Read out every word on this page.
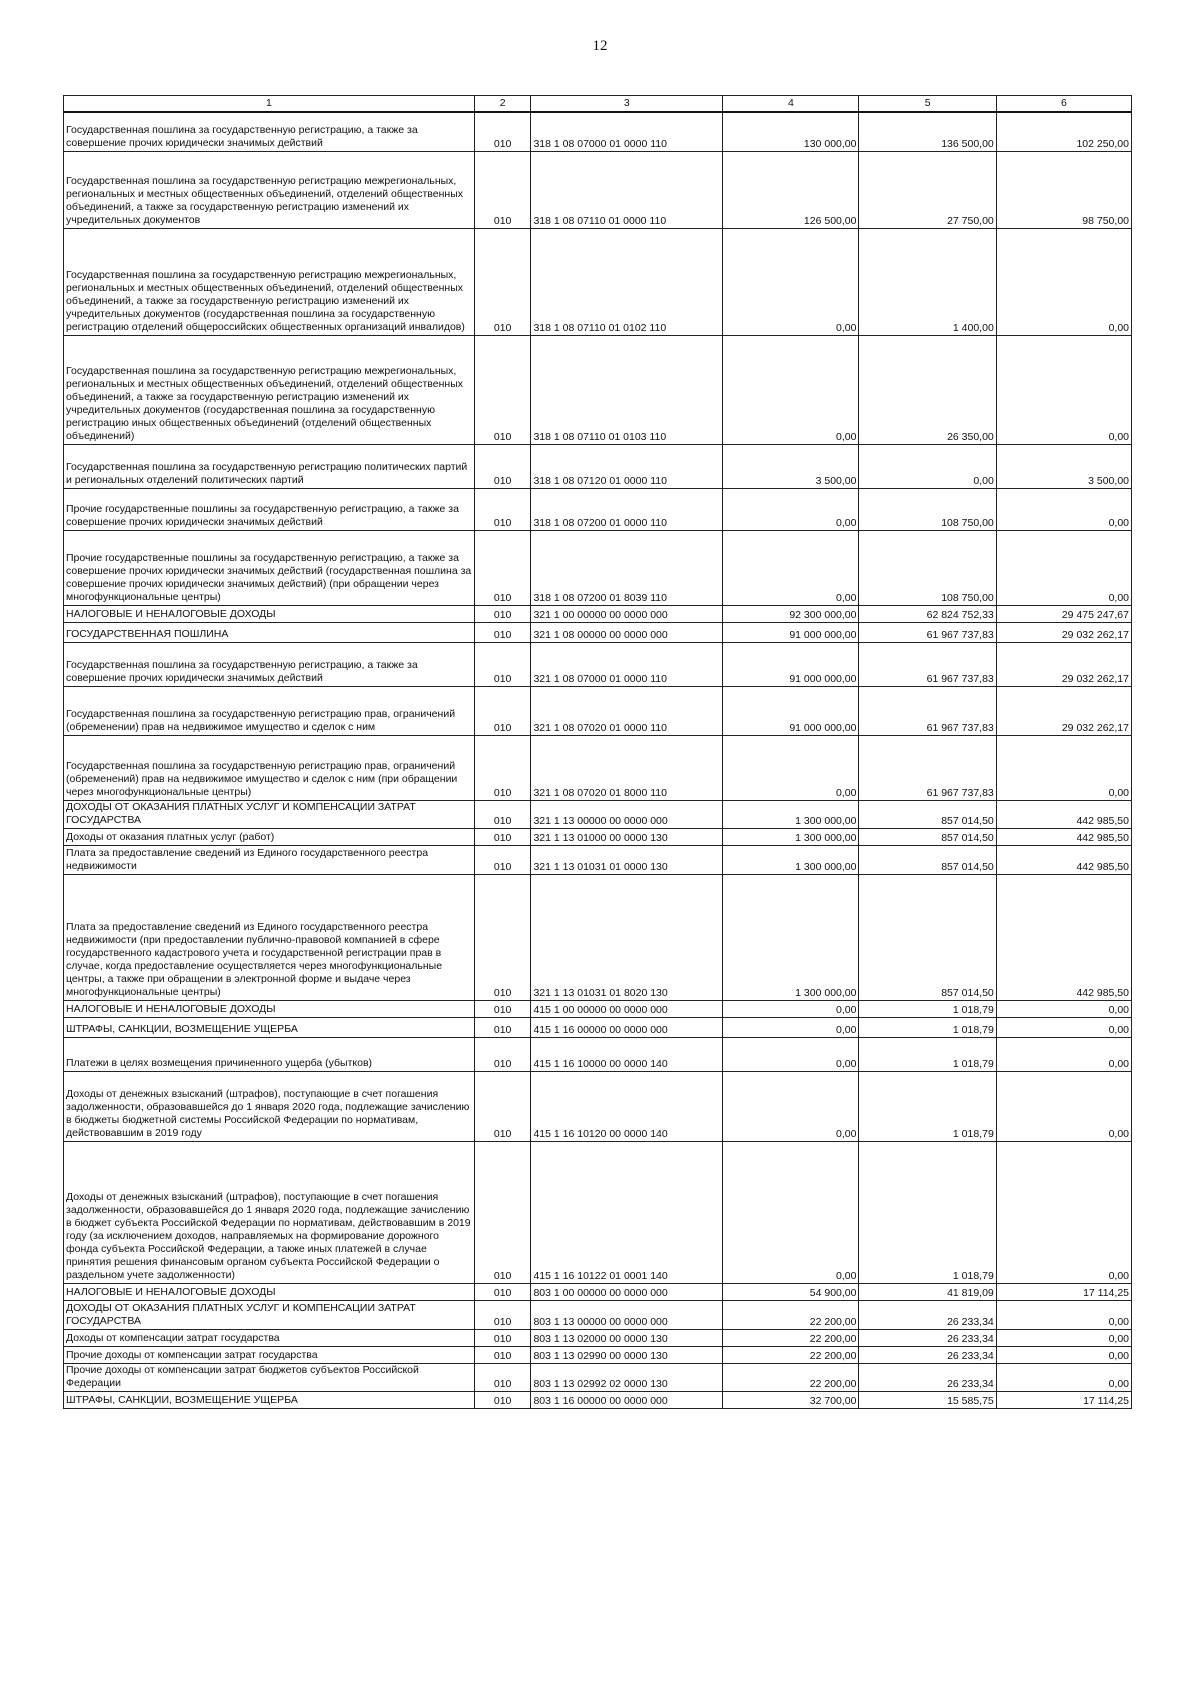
12
1	2	3	4	5	6
Государственная пошлина за государственную регистрацию, а также за совершение прочих юридически значимых действий	010	318 1 08 07000 01 0000 110	130 000,00	136 500,00	102 250,00
Государственная пошлина за государственную регистрацию межрегиональных, региональных и местных общественных объединений, отделений общественных объединений, а также за государственную регистрацию изменений их учредительных документов	010	318 1 08 07110 01 0000 110	126 500,00	27 750,00	98 750,00
Государственная пошлина за государственную регистрацию межрегиональных, региональных и местных общественных объединений, отделений общественных объединений, а также за государственную регистрацию изменений их учредительных документов (государственная пошлина за государственную регистрацию отделений общероссийских общественных организаций инвалидов)	010	318 1 08 07110 01 0102 110	0,00	1 400,00	0,00
Государственная пошлина за государственную регистрацию межрегиональных, региональных и местных общественных объединений, отделений общественных объединений, а также за государственную регистрацию изменений их учредительных документов (государственная пошлина за государственную регистрацию иных общественных объединений (отделений общественных объединений)	010	318 1 08 07110 01 0103 110	0,00	26 350,00	0,00
Государственная пошлина за государственную регистрацию политических партий и региональных отделений политических партий	010	318 1 08 07120 01 0000 110	3 500,00	0,00	3 500,00
Прочие государственные пошлины за государственную регистрацию, а также за совершение прочих юридически значимых действий	010	318 1 08 07200 01 0000 110	0,00	108 750,00	0,00
Прочие государственные пошлины за государственную регистрацию, а также за совершение прочих юридически значимых действий (государственная пошлина за совершение прочих юридически значимых действий) (при обращении через многофункциональные центры)	010	318 1 08 07200 01 8039 110	0,00	108 750,00	0,00
НАЛОГОВЫЕ И НЕНАЛОГОВЫЕ ДОХОДЫ	010	321 1 00 00000 00 0000 000	92 300 000,00	62 824 752,33	29 475 247,67
ГОСУДАРСТВЕННАЯ ПОШЛИНА	010	321 1 08 00000 00 0000 000	91 000 000,00	61 967 737,83	29 032 262,17
Государственная пошлина за государственную регистрацию, а также за совершение прочих юридически значимых действий	010	321 1 08 07000 01 0000 110	91 000 000,00	61 967 737,83	29 032 262,17
Государственная пошлина за государственную регистрацию прав, ограничений (обременении) прав на недвижимое имущество и сделок с ним	010	321 1 08 07020 01 0000 110	91 000 000,00	61 967 737,83	29 032 262,17
Государственная пошлина за государственную регистрацию прав, ограничений (обременений) прав на недвижимое имущество и сделок с ним (при обращении через многофункциональные центры)	010	321 1 08 07020 01 8000 110	0,00	61 967 737,83	0,00
ДОХОДЫ ОТ ОКАЗАНИЯ ПЛАТНЫХ УСЛУГ И КОМПЕНСАЦИИ ЗАТРАТ ГОСУДАРСТВА	010	321 1 13 00000 00 0000 000	1 300 000,00	857 014,50	442 985,50
Доходы от оказания платных услуг (работ)	010	321 1 13 01000 00 0000 130	1 300 000,00	857 014,50	442 985,50
Плата за предоставление сведений из Единого государственного реестра недвижимости	010	321 1 13 01031 01 0000 130	1 300 000,00	857 014,50	442 985,50
Плата за предоставление сведений из Единого государственного реестра недвижимости (при предоставлении публично-правовой компанией в сфере государственного кадастрового учета и государственной регистрации прав в случае, когда предоставление осуществляется через многофункциональные центры, а также при обращении в электронной форме и выдаче через многофункциональные центры)	010	321 1 13 01031 01 8020 130	1 300 000,00	857 014,50	442 985,50
НАЛОГОВЫЕ И НЕНАЛОГОВЫЕ ДОХОДЫ	010	415 1 00 00000 00 0000 000	0,00	1 018,79	0,00
ШТРАФЫ, САНКЦИИ, ВОЗМЕЩЕНИЕ УЩЕРБА	010	415 1 16 00000 00 0000 000	0,00	1 018,79	0,00
Платежи в целях возмещения причиненного ущерба (убытков)	010	415 1 16 10000 00 0000 140	0,00	1 018,79	0,00
Доходы от денежных взысканий (штрафов), поступающие в счет погашения задолженности, образовавшейся до 1 января 2020 года, подлежащие зачислению в бюджеты бюджетной системы Российской Федерации по нормативам, действовавшим в 2019 году	010	415 1 16 10120 00 0000 140	0,00	1 018,79	0,00
Доходы от денежных взысканий (штрафов), поступающие в счет погашения задолженности, образовавшейся до 1 января 2020 года, подлежащие зачислению в бюджет субъекта Российской Федерации по нормативам, действовавшим в 2019 году (за исключением доходов, направляемых на формирование дорожного фонда субъекта Российской Федерации, а также иных платежей в случае принятия решения финансовым органом субъекта Российской Федерации о раздельном учете задолженности)	010	415 1 16 10122 01 0001 140	0,00	1 018,79	0,00
НАЛОГОВЫЕ И НЕНАЛОГОВЫЕ ДОХОДЫ	010	803 1 00 00000 00 0000 000	54 900,00	41 819,09	17 114,25
ДОХОДЫ ОТ ОКАЗАНИЯ ПЛАТНЫХ УСЛУГ И КОМПЕНСАЦИИ ЗАТРАТ ГОСУДАРСТВА	010	803 1 13 00000 00 0000 000	22 200,00	26 233,34	0,00
Доходы от компенсации затрат государства	010	803 1 13 02000 00 0000 130	22 200,00	26 233,34	0,00
Прочие доходы от компенсации затрат государства	010	803 1 13 02990 00 0000 130	22 200,00	26 233,34	0,00
Прочие доходы от компенсации затрат бюджетов субъектов Российской Федерации	010	803 1 13 02992 02 0000 130	22 200,00	26 233,34	0,00
ШТРАФЫ, САНКЦИИ, ВОЗМЕЩЕНИЕ УЩЕРБА	010	803 1 16 00000 00 0000 000	32 700,00	15 585,75	17 114,25
